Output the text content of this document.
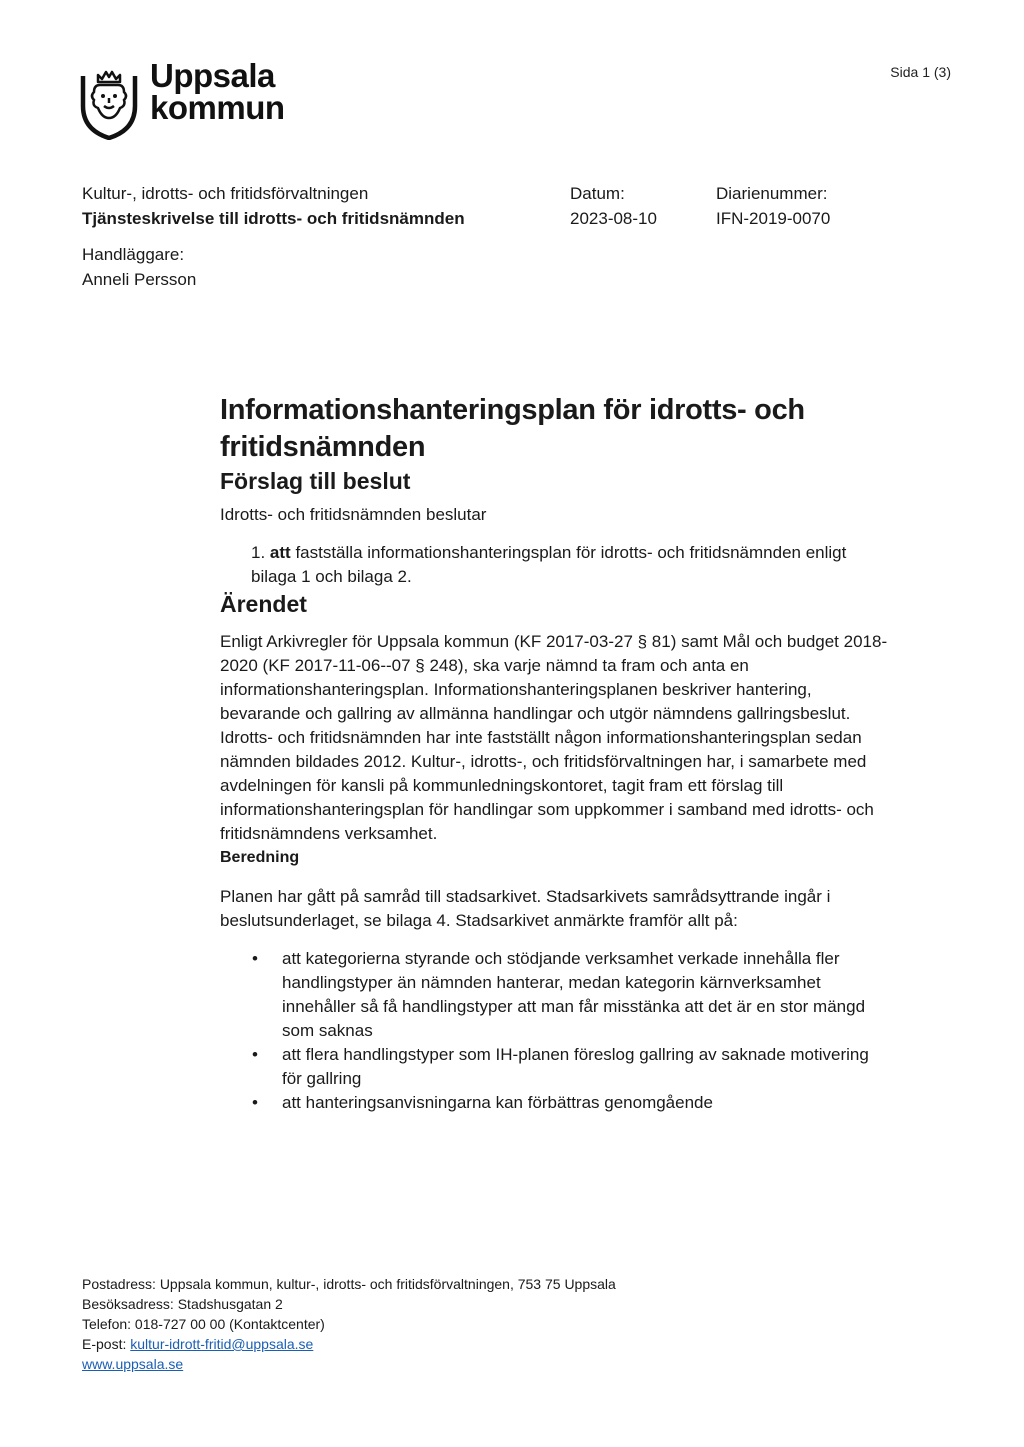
Uppsala
kommun
Sida 1 (3)
Kultur-, idrotts- och fritidsförvaltningen
Tjänsteskrivelse till idrotts- och fritidsnämnden
Datum:
2023-08-10
Diarienummer:
IFN-2019-0070
Handläggare:
Anneli Persson
Informationshanteringsplan för idrotts- och fritidsnämnden
Förslag till beslut

Idrotts- och fritidsnämnden beslutar

1. att fastställa informationshanteringsplan för idrotts- och fritidsnämnden enligt bilaga 1 och bilaga 2.
Ärendet

Enligt Arkivregler för Uppsala kommun (KF 2017-03-27 § 81) samt Mål och budget 2018-2020 (KF 2017-11-06--07 § 248), ska varje nämnd ta fram och anta en informationshanteringsplan. Informationshanteringsplanen beskriver hantering, bevarande och gallring av allmänna handlingar och utgör nämndens gallringsbeslut. Idrotts- och fritidsnämnden har inte fastställt någon informationshanteringsplan sedan nämnden bildades 2012. Kultur-, idrotts-, och fritidsförvaltningen har, i samarbete med avdelningen för kansli på kommunledningskontoret, tagit fram ett förslag till informationshanteringsplan för handlingar som uppkommer i samband med idrotts- och fritidsnämndens verksamhet.

Beredning

Planen har gått på samråd till stadsarkivet. Stadsarkivets samrådsyttrande ingår i beslutsunderlaget, se bilaga 4. Stadsarkivet anmärkte framför allt på:

• att kategorierna styrande och stödjande verksamhet verkade innehålla fler handlingstyper än nämnden hanterar, medan kategorin kärnverksamhet innehåller så få handlingstyper att man får misstänka att det är en stor mängd som saknas
• att flera handlingstyper som IH-planen föreslog gallring av saknade motivering för gallring
• att hanteringsanvisningarna kan förbättras genomgående
Postadress: Uppsala kommun, kultur-, idrotts- och fritidsförvaltningen, 753 75 Uppsala
Besöksadress: Stadshusgatan 2
Telefon: 018-727 00 00 (Kontaktcenter)
E-post: kultur-idrott-fritid@uppsala.se
www.uppsala.se
